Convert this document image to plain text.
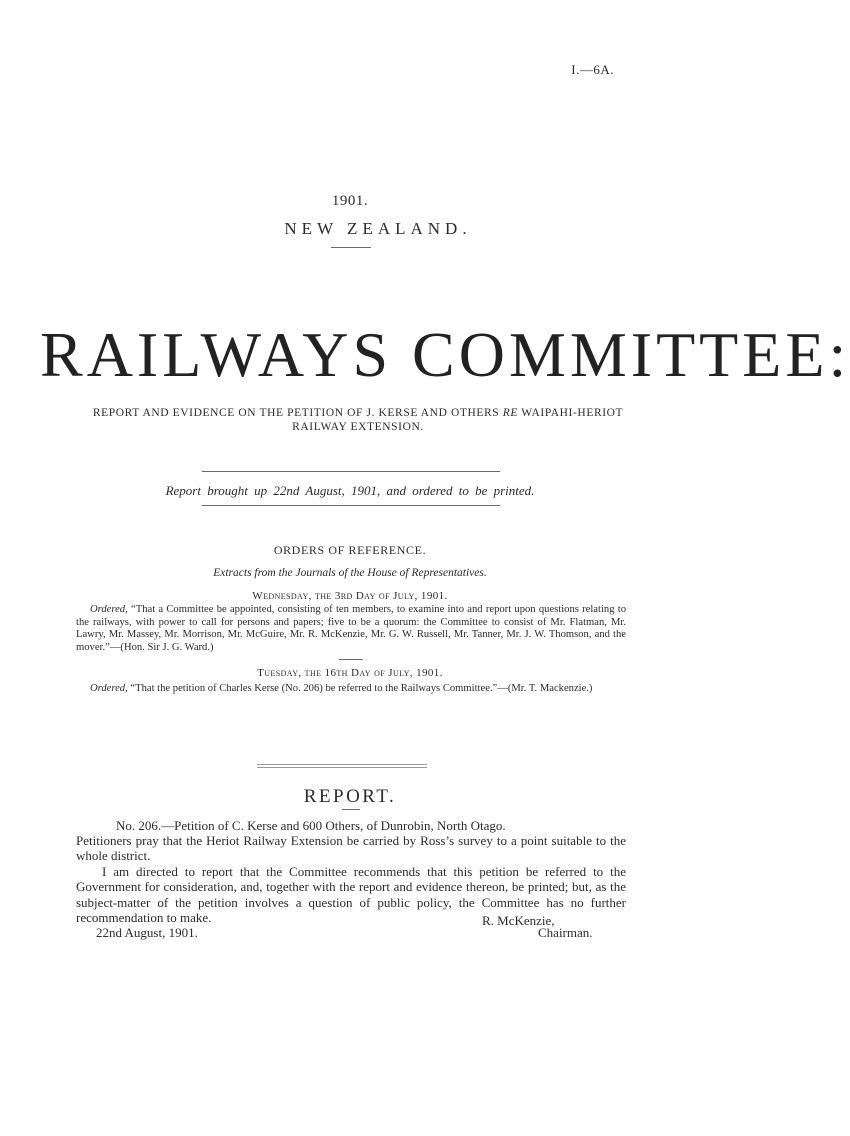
I.—6A.
1901.
NEW ZEALAND.
RAILWAYS COMMITTEE:
REPORT AND EVIDENCE ON THE PETITION OF J. KERSE AND OTHERS RE WAIPAHI-HERIOT RAILWAY EXTENSION.
Report brought up 22nd August, 1901, and ordered to be printed.
ORDERS OF REFERENCE.
Extracts from the Journals of the House of Representatives.
Wednesday, the 3rd Day of July, 1901.
Ordered, “That a Committee be appointed, consisting of ten members, to examine into and report upon questions relating to the railways, with power to call for persons and papers; five to be a quorum: the Committee to consist of Mr. Flatman, Mr. Lawry, Mr. Massey, Mr. Morrison, Mr. McGuire, Mr. R. McKenzie, Mr. G. W. Russell, Mr. Tanner, Mr. J. W. Thomson, and the mover.”—(Hon. Sir J. G. Ward.)
Tuesday, the 16th Day of July, 1901.
Ordered, “That the petition of Charles Kerse (No. 206) be referred to the Railways Committee.”—(Mr. T. Mackenzie.)
REPORT.
No. 206.—Petition of C. Kerse and 600 Others, of Dunrobin, North Otago.
Petitioners pray that the Heriot Railway Extension be carried by Ross’s survey to a point suitable to the whole district.
I am directed to report that the Committee recommends that this petition be referred to the Government for consideration, and, together with the report and evidence thereon, be printed; but, as the subject-matter of the petition involves a question of public policy, the Committee has no further recommendation to make.	R. McKenzie,
22nd August, 1901.	Chairman.
